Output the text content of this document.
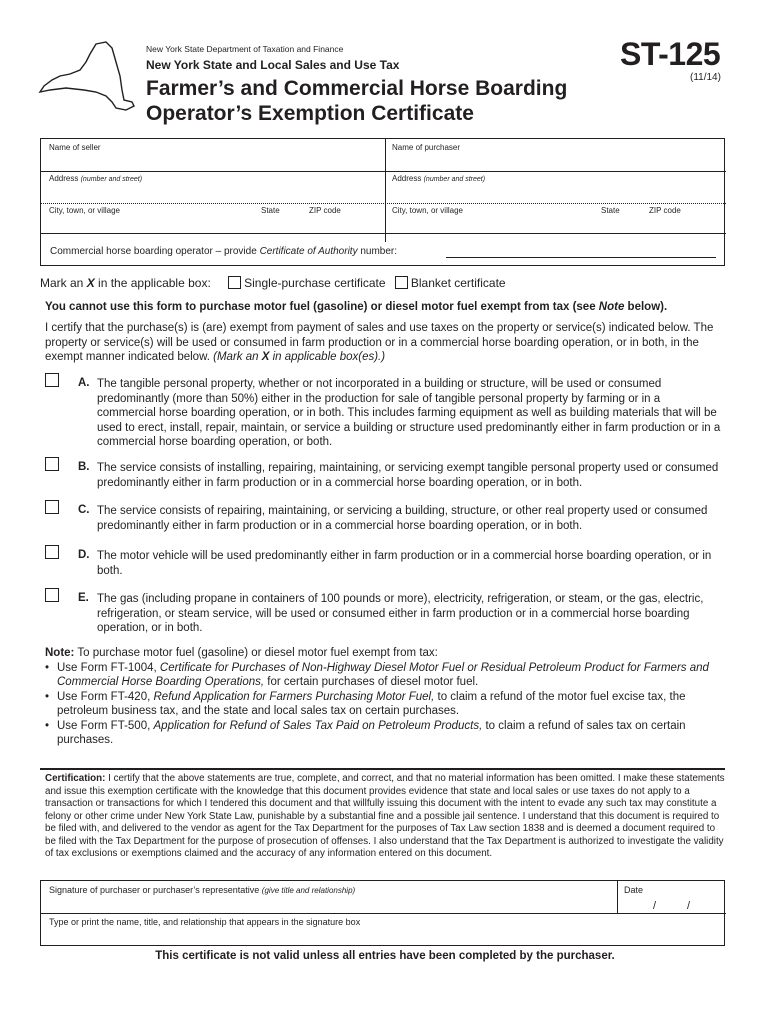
New York State Department of Taxation and Finance
New York State and Local Sales and Use Tax
Farmer’s and Commercial Horse Boarding
Operator’s Exemption Certificate
ST-125
(11/14)
Name of seller	Name of purchaser
Address (number and street)	Address (number and street)
City, town, or village	State	ZIP code	City, town, or village	State	ZIP code
Commercial horse boarding operator – provide Certificate of Authority number:
Mark an X in the applicable box:	Single-purchase certificate Blanket certificate
You cannot use this form to purchase motor fuel (gasoline) or diesel motor fuel exempt from tax (see Note below).
I certify that the purchase(s) is (are) exempt from payment of sales and use taxes on the property or service(s) indicated below. The property or service(s) will be used or consumed in farm production or in a commercial horse boarding operation, or in both, in the exempt manner indicated below. (Mark an X in applicable box(es).)
A. The tangible personal property, whether or not incorporated in a building or structure, will be used or consumed predominantly (more than 50%) either in the production for sale of tangible personal property by farming or in a commercial horse boarding operation, or in both. This includes farming equipment as well as building materials that will be used to erect, install, repair, maintain, or service a building or structure used predominantly either in farm production or in a commercial horse boarding operation, or both.
B. The service consists of installing, repairing, maintaining, or servicing exempt tangible personal property used or consumed predominantly either in farm production or in a commercial horse boarding operation, or in both.
C. The service consists of repairing, maintaining, or servicing a building, structure, or other real property used or consumed predominantly either in farm production or in a commercial horse boarding operation, or in both.
D. The motor vehicle will be used predominantly either in farm production or in a commercial horse boarding operation, or in both.
E. The gas (including propane in containers of 100 pounds or more), electricity, refrigeration, or steam, or the gas, electric, refrigeration, or steam service, will be used or consumed either in farm production or in a commercial horse boarding operation, or in both.
Note: To purchase motor fuel (gasoline) or diesel motor fuel exempt from tax:
• Use Form FT-1004, Certificate for Purchases of Non-Highway Diesel Motor Fuel or Residual Petroleum Product for Farmers and Commercial Horse Boarding Operations, for certain purchases of diesel motor fuel.
• Use Form FT-420, Refund Application for Farmers Purchasing Motor Fuel, to claim a refund of the motor fuel excise tax, the petroleum business tax, and the state and local sales tax on certain purchases.
• Use Form FT-500, Application for Refund of Sales Tax Paid on Petroleum Products, to claim a refund of sales tax on certain purchases.
Certification: I certify that the above statements are true, complete, and correct, and that no material information has been omitted. I make these statements and issue this exemption certificate with the knowledge that this document provides evidence that state and local sales or use taxes do not apply to a transaction or transactions for which I tendered this document and that willfully issuing this document with the intent to evade any such tax may constitute a felony or other crime under New York State Law, punishable by a substantial fine and a possible jail sentence. I understand that this document is required to be filed with, and delivered to the vendor as agent for the Tax Department for the purposes of Tax Law section 1838 and is deemed a document required to be filed with the Tax Department for the purpose of prosecution of offenses. I also understand that the Tax Department is authorized to investigate the validity of tax exclusions or exemptions claimed and the accuracy of any information entered on this document.
Signature of purchaser or purchaser’s representative (give title and relationship)	Date
/	/
Type or print the name, title, and relationship that appears in the signature box
This certificate is not valid unless all entries have been completed by the purchaser.
